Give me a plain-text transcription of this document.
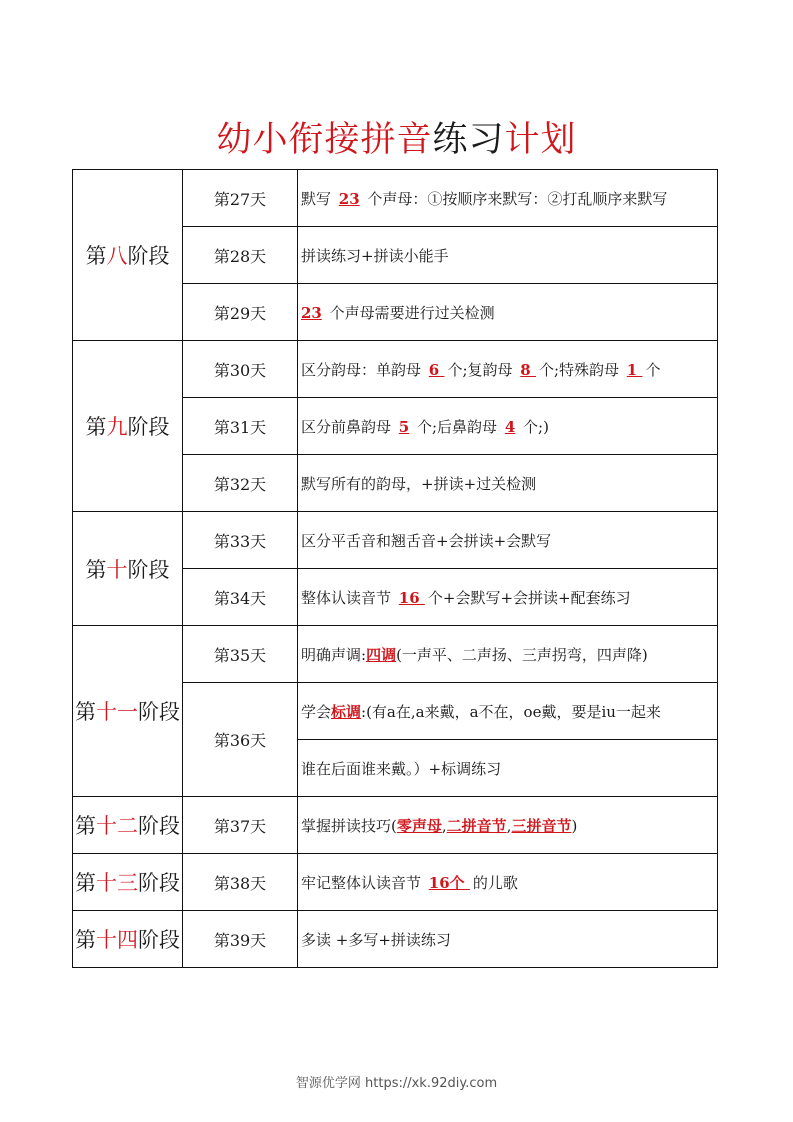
幼小衔接拼音练习计划
第八阶段	第27天	默写 23 个声母：①按顺序来默写：②打乱顺序来默写
	第28天	拼读练习+拼读小能手
	第29天	23 个声母需要进行过关检测
第九阶段	第30天	区分韵母：单韵母 6 个;复韵母 8 个;特殊韵母 1 个
	第31天	区分前鼻韵母 5 个;后鼻韵母 4 个;)
	第32天	默写所有的韵母，+拼读+过关检测
第十阶段	第33天	区分平舌音和翘舌音+会拼读+会默写
	第34天	整体认读音节 16 个+会默写+会拼读+配套练习
第十一阶段	第35天	明确声调:四调(一声平、二声扬、三声拐弯，四声降)
	第36天	学会标调:(有a在,a来戴，a不在，oe戴，要是iu一起来
		谁在后面谁来戴。）+标调练习
第十二阶段	第37天	掌握拼读技巧(零声母,二拼音节,三拼音节)
第十三阶段	第38天	牢记整体认读音节 16个 的儿歌
第十四阶段	第39天	多读 +多写+拼读练习
智源优学网 https://xk.92diy.com
